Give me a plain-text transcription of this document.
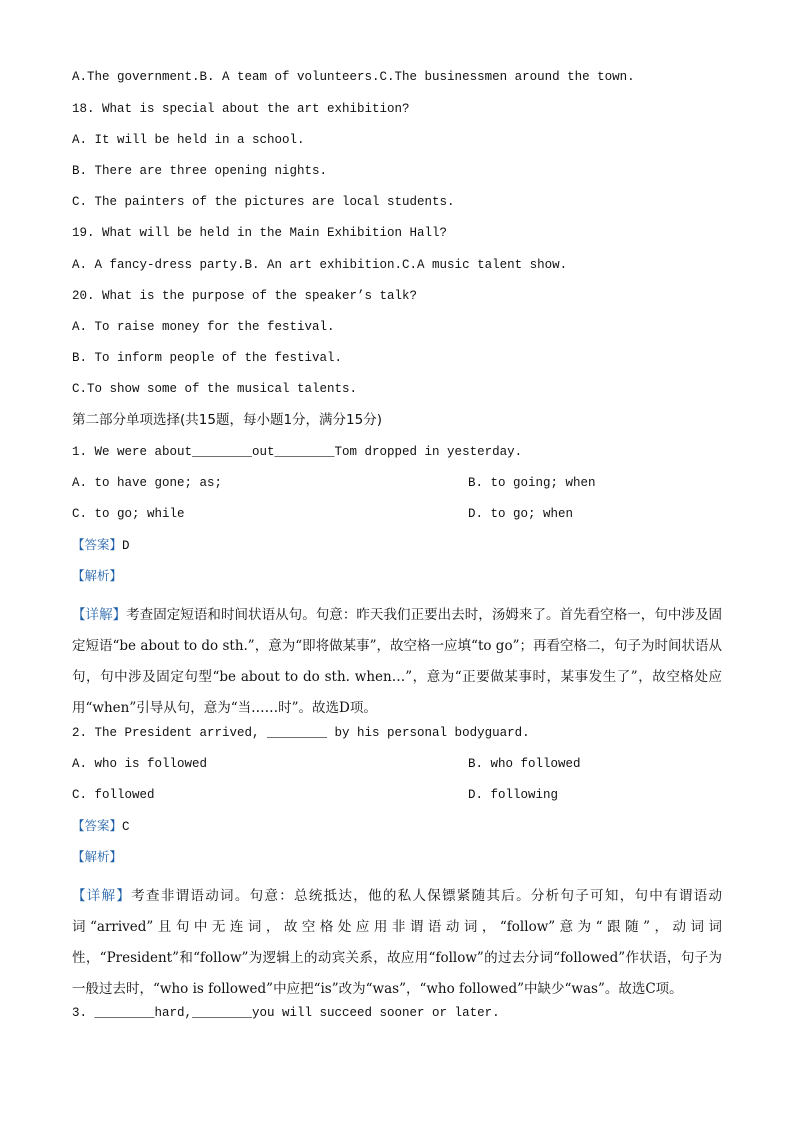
A.The government.B. A team of volunteers.C.The businessmen around the town.
18. What is special about the art exhibition?
A. It will be held in a school.
B. There are three opening nights.
C. The painters of the pictures are local students.
19. What will be held in the Main Exhibition Hall?
A. A fancy-dress party.B. An art exhibition.C.A music talent show.
20. What is the purpose of the speaker’s talk?
A. To raise money for the festival.
B. To inform people of the festival.
C.To show some of the musical talents.
第二部分单项选择(共15题，每小题1分，满分15分)
1. We were about________out________Tom dropped in yesterday.
A. to have gone; as;	B. to going; when
C. to go; while	D. to go; when
【答案】D
【解析】
【详解】考查固定短语和时间状语从句。句意：昨天我们正要出去时，汤姆来了。首先看空格一，句中涉及固定短语“be about to do sth.”，意为“即将做某事”，故空格一应填“to go”；再看空格二，句子为时间状语从句，句中涉及固定句型“be about to do sth. when…”，意为“正要做某事时，某事发生了”，故空格处应用“when”引导从句，意为“当……时”。故选D项。
2. The President arrived, ________ by his personal bodyguard.
A. who is followed	B. who followed
C. followed	D. following
【答案】C
【解析】
【详解】考查非谓语动词。句意：总统抵达，他的私人保镖紧随其后。分析句子可知，句中有谓语动词“arrived”且句中无连词，故空格处应用非谓语动词，“follow”意为“跟随”，动词词性，“President”和“follow”为逻辑上的动宾关系，故应用“follow”的过去分词“followed”作状语，句子为一般过去时，“who is followed”中应把“is”改为“was”，“who followed”中缺少“was”。故选C项。
3. ________hard,________you will succeed sooner or later.
